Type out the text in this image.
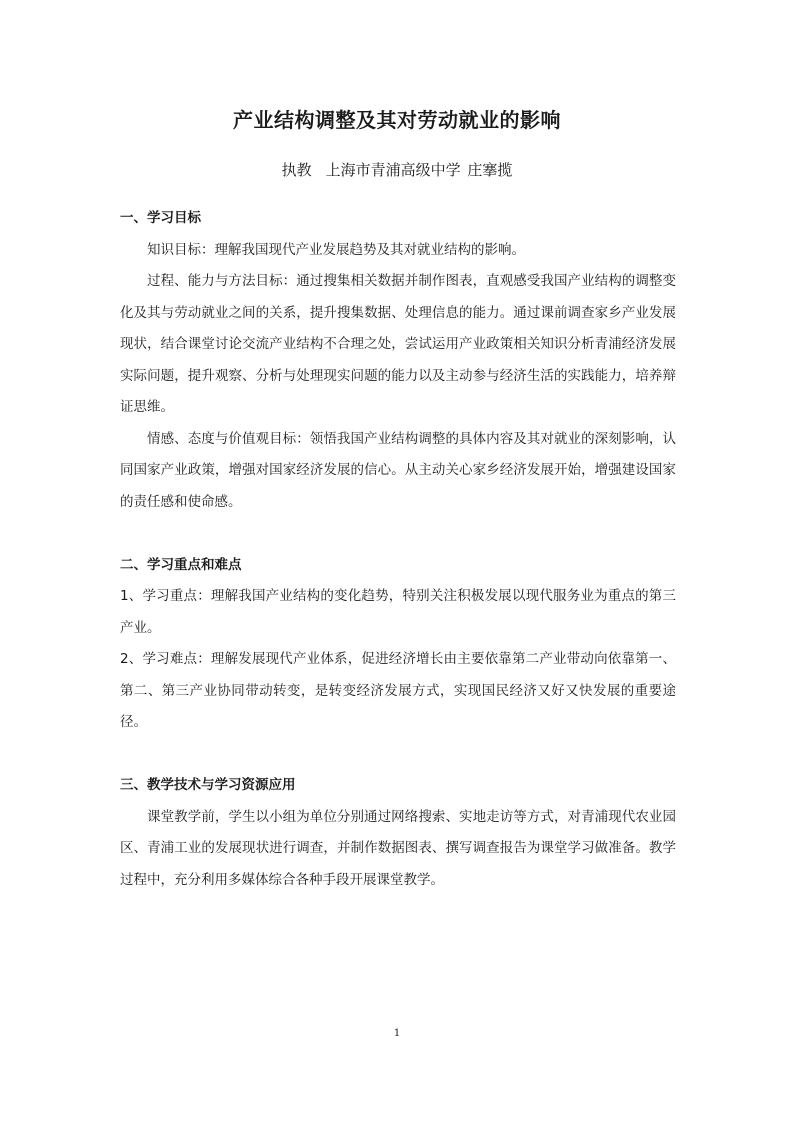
产业结构调整及其对劳动就业的影响
执教 上海市青浦高级中学 庄搴揽
一、学习目标

知识目标：理解我国现代产业发展趋势及其对就业结构的影响。

过程、能力与方法目标：通过搜集相关数据并制作图表，直观感受我国产业结构的调整变化及其与劳动就业之间的关系，提升搜集数据、处理信息的能力。通过课前调查家乡产业发展现状，结合课堂讨论交流产业结构不合理之处，尝试运用产业政策相关知识分析青浦经济发展实际问题，提升观察、分析与处理现实问题的能力以及主动参与经济生活的实践能力，培养辩证思维。

情感、态度与价值观目标：领悟我国产业结构调整的具体内容及其对就业的深刻影响，认同国家产业政策，增强对国家经济发展的信心。从主动关心家乡经济发展开始，增强建设国家的责任感和使命感。

二、学习重点和难点

1、学习重点：理解我国产业结构的变化趋势，特别关注积极发展以现代服务业为重点的第三产业。

2、学习难点：理解发展现代产业体系，促进经济增长由主要依靠第二产业带动向依靠第一、第二、第三产业协同带动转变，是转变经济发展方式，实现国民经济又好又快发展的重要途径。

三、教学技术与学习资源应用

课堂教学前，学生以小组为单位分别通过网络搜索、实地走访等方式，对青浦现代农业园区、青浦工业的发展现状进行调查，并制作数据图表、撰写调查报告为课堂学习做准备。教学过程中，充分利用多媒体综合各种手段开展课堂教学。

1
